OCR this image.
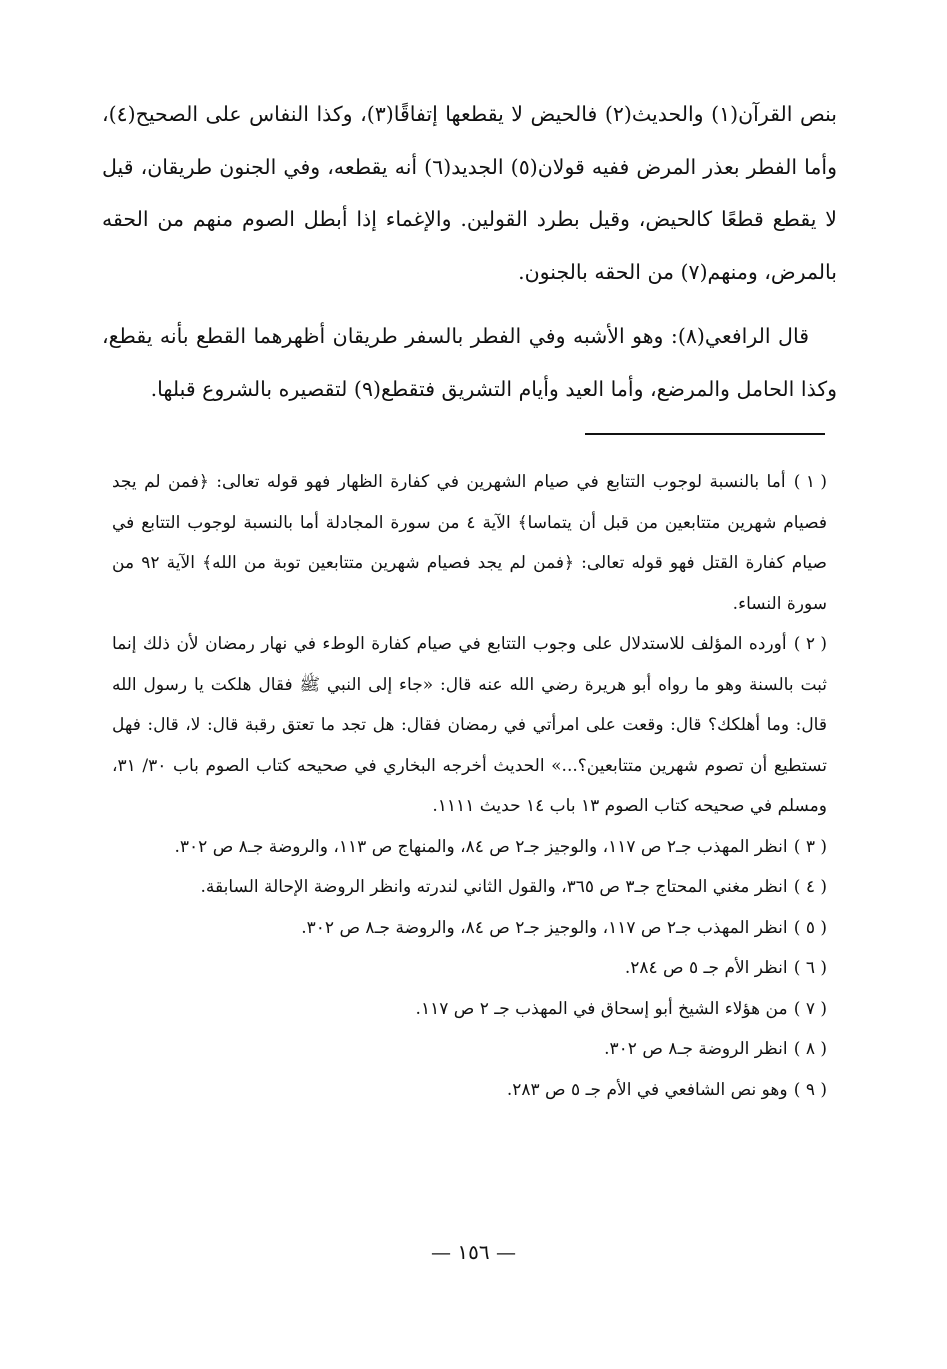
بنص القرآن(١) والحديث(٢) فالحيض لا يقطعها إتفاقًا(٣)، وكذا النفاس على الصحيح(٤)، وأما الفطر بعذر المرض ففيه قولان(٥) الجديد(٦) أنه يقطعه، وفي الجنون طريقان، قيل لا يقطع قطعًا كالحيض، وقيل بطرد القولين. والإغماء إذا أبطل الصوم منهم من الحقه بالمرض، ومنهم(٧) من الحقه بالجنون.

قال الرافعي(٨): وهو الأشبه وفي الفطر بالسفر طريقان أظهرهما القطع بأنه يقطع، وكذا الحامل والمرضع، وأما العيد وأيام التشريق فتقطع(٩) لتقصيره بالشروع قبلها.

( ١ ) أما بالنسبة لوجوب التتابع في صيام الشهرين في كفارة الظهار فهو قوله تعالى: ﴿فمن لم يجد فصيام شهرين متتابعين من قبل أن يتماسا﴾ الآية ٤ من سورة المجادلة أما بالنسبة لوجوب التتابع في صيام كفارة القتل فهو قوله تعالى: ﴿فمن لم يجد فصيام شهرين متتابعين توبة من الله﴾ الآية ٩٢ من سورة النساء.
( ٢ ) أورده المؤلف للاستدلال على وجوب التتابع في صيام كفارة الوطء في نهار رمضان لأن ذلك إنما ثبت بالسنة وهو ما رواه أبو هريرة رضي الله عنه قال: «جاء إلى النبي ﷺ فقال هلكت يا رسول الله قال: وما أهلكك؟ قال: وقعت على امرأتي في رمضان فقال: هل تجد ما تعتق رقبة قال: لا، قال: فهل تستطيع أن تصوم شهرين متتابعين؟...» الحديث أخرجه البخاري في صحيحه كتاب الصوم باب ٣٠/ ٣١، ومسلم في صحيحه كتاب الصوم ١٣ باب ١٤ حديث ١١١١.
( ٣ ) انظر المهذب جـ٢ ص ١١٧، والوجيز جـ٢ ص ٨٤، والمنهاج ص ١١٣، والروضة جـ٨ ص ٣٠٢.
( ٤ ) انظر مغني المحتاج جـ٣ ص ٣٦٥، والقول الثاني لندرته وانظر الروضة الإحالة السابقة.
( ٥ ) انظر المهذب جـ٢ ص ١١٧، والوجيز جـ٢ ص ٨٤، والروضة جـ٨ ص ٣٠٢.
( ٦ ) انظر الأم جـ ٥ ص ٢٨٤.
( ٧ ) من هؤلاء الشيخ أبو إسحاق في المهذب جـ ٢ ص ١١٧.
( ٨ ) انظر الروضة جـ٨ ص ٣٠٢.
( ٩ ) وهو نص الشافعي في الأم جـ ٥ ص ٢٨٣.
— ١٥٦ —
